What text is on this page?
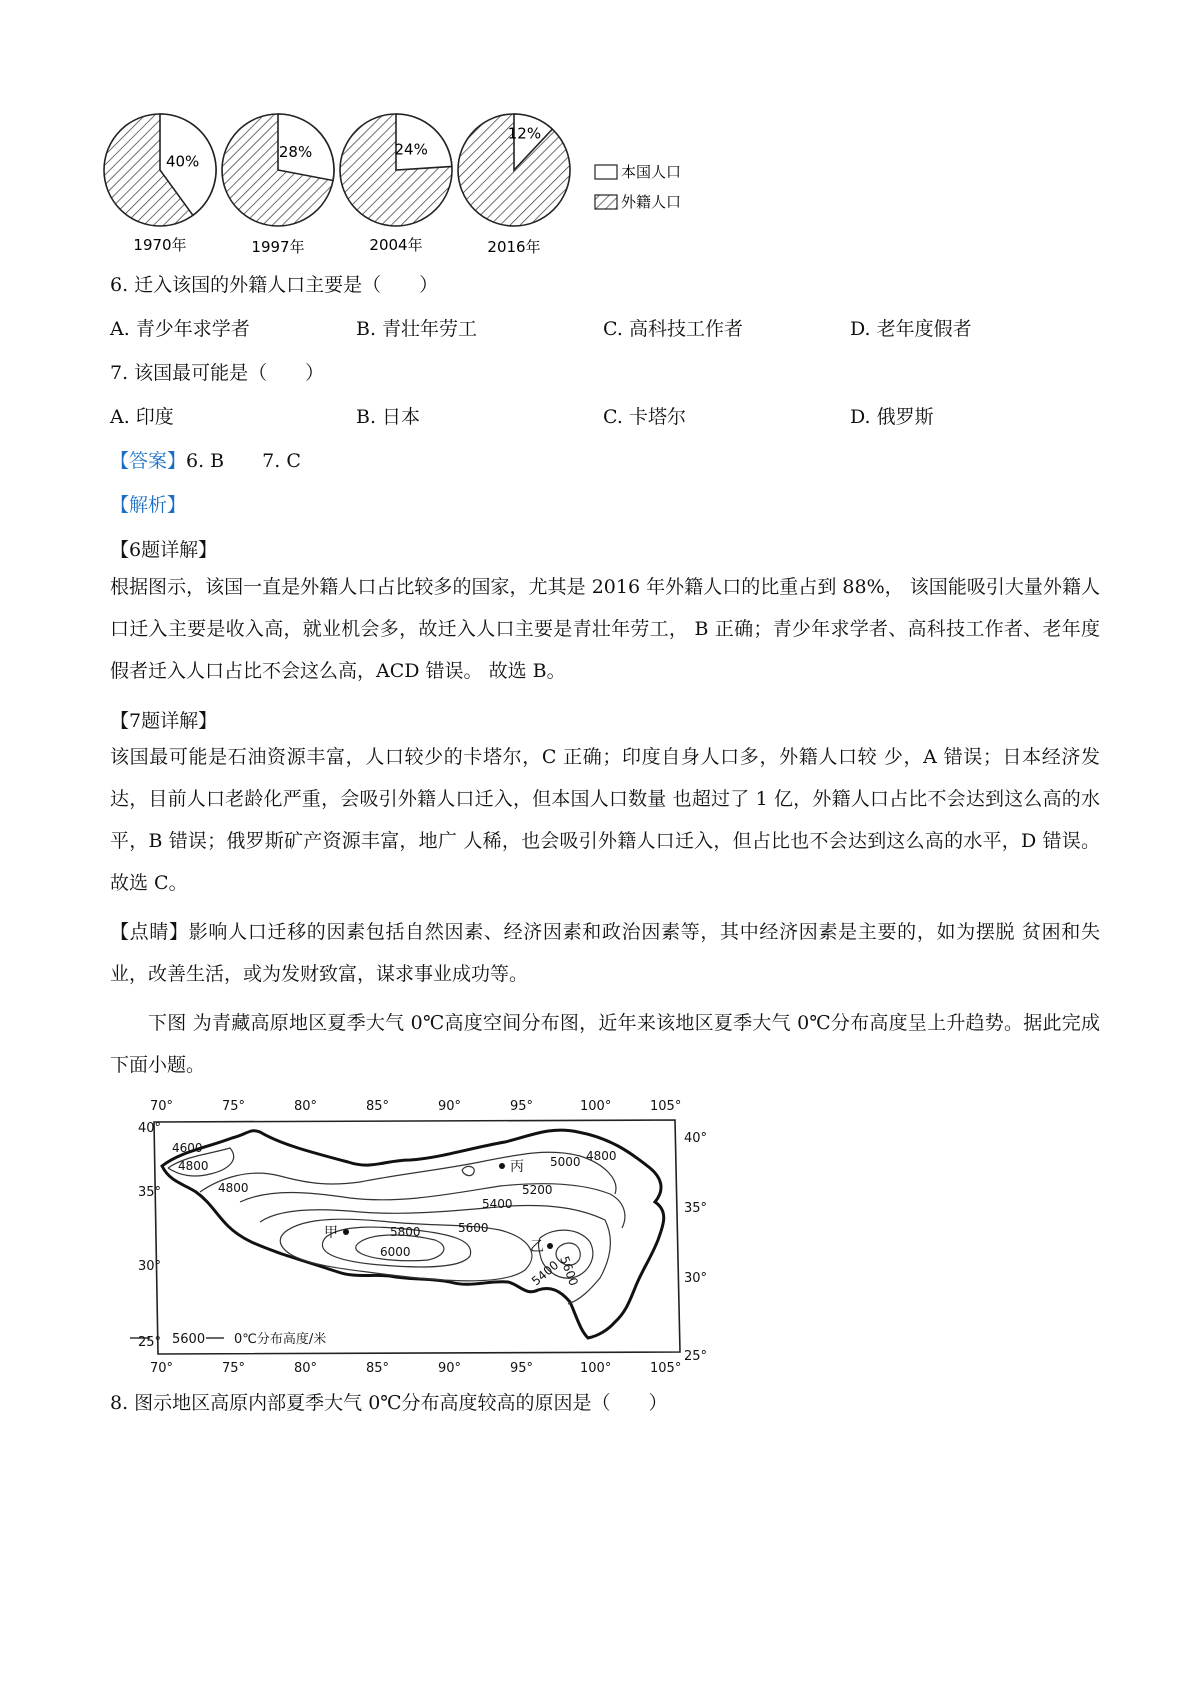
40%
1970年
28%
1997年
24%
2004年
12%
2016年
本国人口
外籍人口
6. 迁入该国的外籍人口主要是（　　）
A. 青少年求学者	B. 青壮年劳工	C. 高科技工作者	D. 老年度假者
7. 该国最可能是（　　）
A. 印度	B. 日本	C. 卡塔尔	D. 俄罗斯
【答案】6. B　　7. C
【解析】
【6题详解】
根据图示，该国一直是外籍人口占比较多的国家，尤其是 2016 年外籍人口的比重占到 88%， 该国能吸引大量外籍人口迁入主要是收入高，就业机会多，故迁入人口主要是青壮年劳工， B 正确；青少年求学者、高科技工作者、老年度假者迁入人口占比不会这么高，ACD 错误。 故选 B。
【7题详解】
该国最可能是石油资源丰富，人口较少的卡塔尔，C 正确；印度自身人口多，外籍人口较 少，A 错误；日本经济发达，目前人口老龄化严重，会吸引外籍人口迁入，但本国人口数量 也超过了 1 亿，外籍人口占比不会达到这么高的水平，B 错误；俄罗斯矿产资源丰富，地广 人稀，也会吸引外籍人口迁入，但占比也不会达到这么高的水平，D 错误。故选 C。
【点睛】影响人口迁移的因素包括自然因素、经济因素和政治因素等，其中经济因素是主要的，如为摆脱 贫困和失业，改善生活，或为发财致富，谋求事业成功等。
下图 为青藏高原地区夏季大气 0℃高度空间分布图，近年来该地区夏季大气 0℃分布高度呈上升趋势。据此完成下面小题。
4600
4800
4800
4800
5000
5200
5400
5400
5600
5600
5800
6000
甲
乙
丙
70°	75°	80°	85°	90°	95°	100°	105°
70°	75°	80°	85°	90°	95°	100°	105°
40°
35°
30°
25°
40°
35°
30°
25°
5600 0℃分布高度/米
8. 图示地区高原内部夏季大气 0℃分布高度较高的原因是（　　）
